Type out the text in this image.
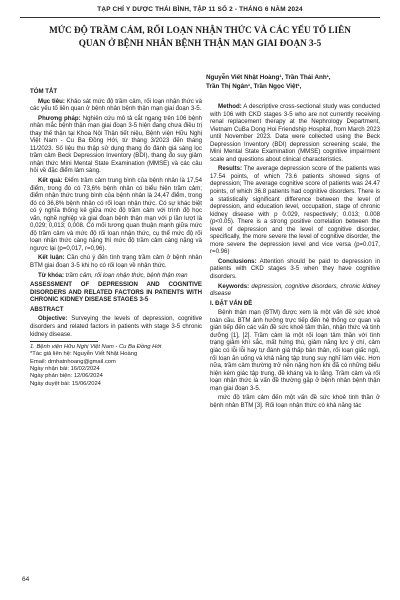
TẠP CHÍ Y DƯỢC THÁI BÌNH, TẬP 11 SỐ 2 - THÁNG 6 NĂM 2024
MỨC ĐỘ TRẦM CẢM, RỐI LOẠN NHẬN THỨC VÀ CÁC YẾU TỐ LIÊN
QUAN Ở BỆNH NHÂN BỆNH THẬN MẠN GIAI ĐOẠN 3-5
Nguyễn Viết Nhật Hoàng¹, Trần Thái Anh¹,
Trần Thị Ngân¹, Trần Ngọc Việt¹,
TÓM TẮT

Mục tiêu: Khảo sát mức độ trầm cảm, rối loạn nhận thức và các yếu tố liên quan ở bệnh nhân bệnh thận mạn giai đoạn 3-5.

Phương pháp: Nghiên cứu mô tả cắt ngang trên 106 bệnh nhân mắc bệnh thận mạn giai đoạn 3-5 hiện đang chưa điều trị thay thế thận tại Khoa Nội Thận tiết niệu, Bệnh viện Hữu Nghị Việt Nam - Cu Ba Đồng Hới, từ tháng 3/2023 đến tháng 11/2023. Số liệu thu thập sử dụng thang đo đánh giá sàng lọc trầm cảm Beck Depression Inventory (BDI), thang đo suy giảm nhận thức Mini Mental State Examination (MMSE) và các câu hỏi về đặc điểm lâm sàng.

Kết quả: Điểm trầm cảm trung bình của bệnh nhân là 17,54 điểm, trong đó có 73,6% bệnh nhân có biểu hiện trầm cảm; điểm nhận thức trung bình của bệnh nhân là 24,47 điểm, trong đó có 36,8% bệnh nhân có rối loạn nhận thức. Có sự khác biệt có ý nghĩa thống kê giữa mức độ trầm cảm với trình độ học vấn, nghề nghiệp và giai đoạn bệnh thận mạn với p lần lượt là 0,029; 0,013; 0,008. Có mối tương quan thuận mạnh giữa mức độ trầm cảm và mức độ rối loạn nhận thức, cụ thể mức độ rối loạn nhận thức càng nặng thì mức độ trầm cảm càng nặng và ngược lại (p=0,017, r=0,96).

Kết luận: Cần chú ý đến tình trạng trầm cảm ở bệnh nhân BTM giai đoạn 3-5 khi họ có rối loạn về nhận thức.

Từ khóa: trầm cảm, rối loạn nhận thức, bệnh thận mạn

ASSESSMENT OF DEPRESSION AND COGNITIVE DISORDERS AND RELATED FACTORS IN PATIENTS WITH CHRONIC KIDNEY DISEASE STAGES 3-5
ABSTRACT

Objective: Surveying the levels of depression, cognitive disorders and related factors in patients with stage 3-5 chronic kidney disease.

1. Bệnh viện Hữu Nghị Việt Nam - Cu Ba Đồng Hới

*Tác giả liên hệ: Nguyễn Viết Nhật Hoàng

Email: drnhatnhoang@gmail.com

Ngày nhận bài: 16/02/2024

Ngày phản biện: 12/06/2024

Ngày duyệt bài: 15/06/2024

Method: A descriptive cross-sectional study was conducted with 106 with CKD stages 3-5 who are not currently receiving renal replacement therapy at the Nephrology Department, Vietnam CuBa Dong Hoi Friendship Hospital, from March 2023 until November 2023. Data were collected using the Beck Depression Inventory (BDI) depression screening scale, the Mini Mental State Examination (MMSE) cognitive impairment scale and questions about clinical characteristics.

Results: The average depression score of the patients was 17.54 points, of which 73.6 patients showed signs of depression; The average cognitive score of patients was 24.47 points, of which 36.8 patients had cognitive disorders. There is a statistically significant difference between the level of depression, and education level, occupation, stage of chronic kidney disease with p 0.029, respectively; 0.013; 0.008 (p<0.05). There is a strong positive correlation between the level of depression and the level of cognitive disorder, specifically, the more severe the level of cognitive disorder, the more severe the depression level and vice versa (p=0.017, r=0.96)

Conclusions: Attention should be paid to depression in patients with CKD stages 3-5 when they have cognitive disorders.

Keywords: depression, cognitive disorders, chronic kidney disease

I. ĐẶT VẤN ĐỀ

Bệnh thận mạn (BTM) được xem là một vấn đề sức khoẻ toàn cầu. BTM ảnh hưởng trực tiếp đến hệ thống cơ quan và gián tiếp đến các vấn đề sức khoẻ tâm thần, nhận thức và tinh dưỡng [1], [2]. Trầm cảm là một rối loạn tâm thần với tình trạng giảm khí sắc, mất hứng thú, giảm năng lực ý chí, cảm giác có lỗi lỗi hay tự đánh giá thấp bản thân, rối loạn giấc ngủ, rối loạn ăn uống và khả năng tập trung suy nghĩ làm việc. Hơn nữa, trầm cảm thường trở nên nặng hơn khi đã có những biểu hiện kém giác tập trung, đề kháng và lo lắng. Trầm cảm và rối loạn nhận thức là vấn đề thường gặp ở bệnh nhân bệnh thận mạn giai đoạn 3-5.

mức độ trầm cảm đến một vấn đề sức khoẻ tinh thần ở bệnh nhân BTM [3]. Rối loạn nhận thức có khả năng tác

64
